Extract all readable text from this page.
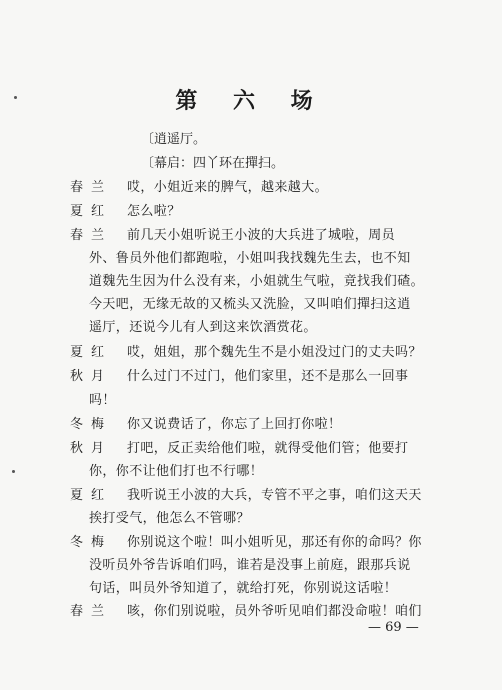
第 六 场
〔逍遥厅。
〔幕启：四丫环在撣扫。
春兰 哎，小姐近来的脾气，越来越大。
夏红 怎么啦？
春兰 前几天小姐听说王小波的大兵进了城啦，周员
外、鲁员外他们都跑啦，小姐叫我找魏先生去，也不知
道魏先生因为什么没有来，小姐就生气啦，竟找我们碴。
今天吧，无缘无故的又梳头又洗脸，又叫咱们撣扫这逍
遥厅，还说今儿有人到这来饮酒赏花。
夏红 哎，姐姐，那个魏先生不是小姐没过门的丈夫吗？
秋月 什么过门不过门，他们家里，还不是那么一回事
吗！
冬梅 你又说费话了，你忘了上回打你啦！
秋月 打吧，反正卖给他们啦，就得受他们管；他要打
你，你不让他们打也不行哪！
夏红 我听说王小波的大兵，专管不平之事，咱们这天天
挨打受气，他怎么不管哪？
冬梅 你别说这个啦！叫小姐听见，那还有你的命吗？你
没听员外爷告诉咱们吗，谁若是没事上前庭，跟那兵说
句话，叫员外爷知道了，就给打死，你别说这话啦！
春兰 咳，你们别说啦，员外爷听见咱们都没命啦！咱们
— 69 —
